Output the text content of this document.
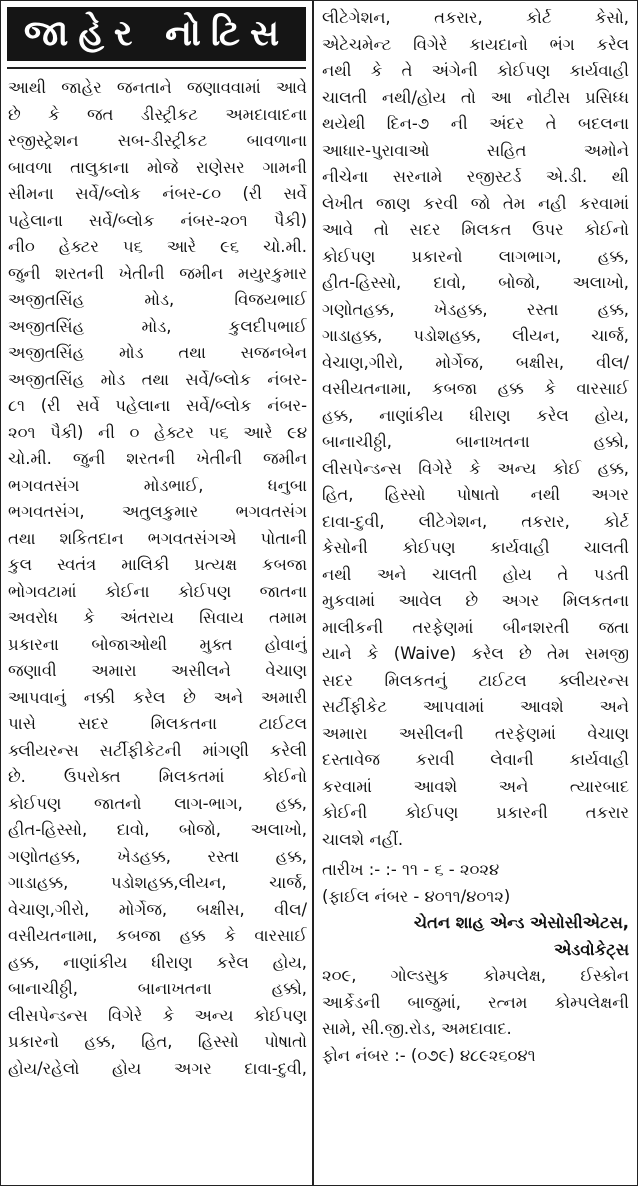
જાહેર નોટિસ
આથી જાહેર જનતાને જણાવવામાં આવે
છે કે જત ડીસ્ટ્રીકટ અમદાવાદના
રજીસ્ટ્રેશન સબ-ડીસ્ટ્રીકટ બાવળાના
બાવળા તાલુકાના મોજે રાણેસર ગામની
સીમના સર્વે/બ્લોક નંબર-૮૦ (રી સર્વે
પહેલાના સર્વે/બ્લોક નંબર-૨૦૧ પૈકી)
ની૦ હેક્ટર ૫૬ આરે ૯૬ ચો.મી.
જુની શરતની ખેતીની જમીન મયુરકુમાર
અજીતસિંહ મોડ, વિજયભાઈ
અજીતસિંહ મોડ, કુલદીપભાઈ
અજીતસિંહ મોડ તથા સજનબેન
અજીતસિંહ મોડ તથા સર્વે/બ્લોક નંબર-
૮૧ (રી સર્વે પહેલાના સર્વે/બ્લોક નંબર-
૨૦૧ પૈકી) ની ૦ હેક્ટર ૫૬ આરે ૯૪
ચો.મી. જુની શરતની ખેતીની જમીન
ભગવતસંગ મોડભાઈ, ધનુબા
ભગવતસંગ, અતુલકુમાર ભગવતસંગ
તથા શકિતદાન ભગવતસંગએ પોતાની
કુલ સ્વતંત્ર માલિકી પ્રત્યક્ષ કબજા
ભોગવટામાં કોઈના કોઈપણ જાતના
અવરોધ કે અંતરાય સિવાય તમામ
પ્રકારના બોજાઓથી મુક્ત હોવાનું
જણાવી અમારા અસીલને વેચાણ
આપવાનું નક્કી કરેલ છે અને અમારી
પાસે સદર મિલકતના ટાઈટલ
ક્લીયરન્સ સર્ટીફીકેટની માંગણી કરેલી
છે. ઉપરોક્ત મિલકતમાં કોઈનો
કોઈપણ જાતનો લાગ-ભાગ, હક્ક,
હીત-હિસ્સો, દાવો, બોજો, અલાખો,
ગણોતહક્ક, ખેડહક્ક, રસ્તા હક્ક,
ગાડાહક્ક, પડોશહક્ક,લીયન, ચાર્જ,
વેચાણ,ગીરો, મોર્ગેજ, બક્ષીસ, વીલ/
વસીયતનામા, કબજા હક્ક કે વારસાઈ
હક્ક, નાણાંકીય ધીરાણ કરેલ હોય,
બાનાચીઠ્ઠી, બાનાખતના હક્કો,
લીસપેન્ડન્સ વિગેરે કે અન્ય કોઈપણ
પ્રકારનો હક્ક, હિત, હિસ્સો પોષાતો
હોય/રહેલો હોય અગર દાવા-દુવી,
લીટેગેશન, તકરાર, કોર્ટ કેસો,
એટેચમેન્ટ વિગેરે કાયદાનો ભંગ કરેલ
નથી કે તે અંગેની કોઈપણ કાર્યવાહી
ચાલતી નથી/હોય તો આ નોટીસ પ્રસિધ્ધ
થયેથી દિન-૭ ની અંદર તે બદલના
આધાર-પુરાવાઓ સહિત અમોને
નીચેના સરનામે રજીસ્ટર્ડ એ.ડી. થી
લેખીત જાણ કરવી જો તેમ નહી કરવામાં
આવે તો સદર મિલકત ઉપર કોઈનો
કોઈપણ પ્રકારનો લાગભાગ, હક્ક,
હીત-હિસ્સો, દાવો, બોજો, અલાખો,
ગણોતહક્ક, ખેડહક્ક, રસ્તા હક્ક,
ગાડાહક્ક, પડોશહક્ક, લીયન, ચાર્જ,
વેચાણ,ગીરો, મોર્ગેજ, બક્ષીસ, વીલ/
વસીયતનામા, કબજા હક્ક કે વારસાઈ
હક્ક, નાણાંકીય ધીરાણ કરેલ હોય,
બાનાચીઠ્ઠી, બાનાખતના હક્કો,
લીસપેન્ડન્સ વિગેરે કે અન્ય કોઈ હક્ક,
હિત, હિસ્સો પોષાતો નથી અગર
દાવા-દુવી, લીટેગેશન, તકરાર, કોર્ટ
કેસોની કોઈપણ કાર્યવાહી ચાલતી
નથી અને ચાલતી હોય તે પડતી
મુકવામાં આવેલ છે અગર મિલકતના
માલીકની તરફેણમાં બીનશરતી જતા
યાને કે (Waive) કરેલ છે તેમ સમજી
સદર મિલકતનું ટાઈટલ ક્લીયરન્સ
સર્ટીફીકેટ આપવામાં આવશે અને
અમારા અસીલની તરફેણમાં વેચાણ
દસ્તાવેજ કરાવી લેવાની કાર્યવાહી
કરવામાં આવશે અને ત્યારબાદ
કોઈની કોઈપણ પ્રકારની તકરાર
ચાલશે નહીં.
તારીખ :- :- ૧૧ - ૬ - ૨૦૨૪
(ફાઈલ નંબર - ૪૦૧૧/૪૦૧૨)
ચેતન શાહ એન્ડ એસોસીએટસ,
એડવોકેટ્સ
૨૦૯, ગોલ્ડસુક કોમ્પલેક્ષ, ઈસ્કોન
આર્કેડની બાજુમાં, રત્નમ કોમ્પલેક્ષની
સામે, સી.જી.રોડ, અમદાવાદ.
ફોન નંબર :- (૦૭૯) ૪૮૯૨૬૦૪૧
